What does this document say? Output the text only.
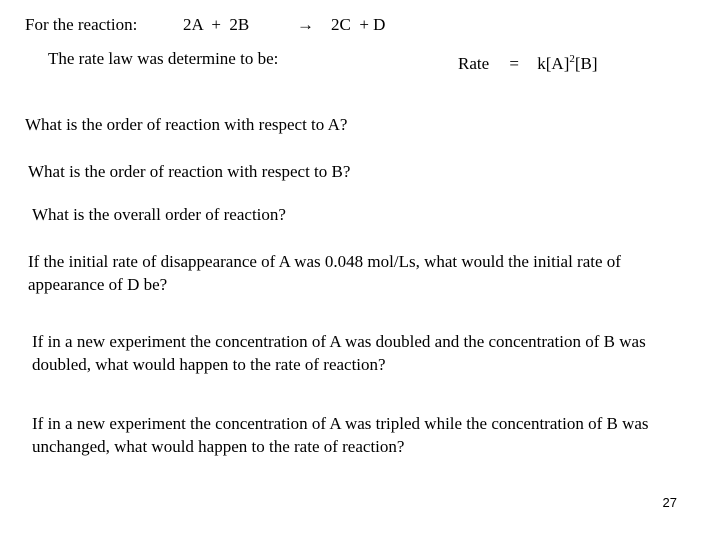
For the reaction:	2A  +  2B	→ 2C  + D
The rate law was determine to be:	Rate = $k[A]^2[B]$
What is the order of reaction with respect to A?
What is the order of reaction with respect to B?
What is the overall order of reaction?
If the initial rate of disappearance of A was 0.048 mol/Ls, what would the initial rate of appearance of D be?
If in a new experiment the concentration of A was doubled and the concentration of B was doubled, what would happen to the rate of reaction?
If in a new experiment the concentration of A was tripled while the concentration of B was unchanged, what would happen to the rate of reaction?
27
